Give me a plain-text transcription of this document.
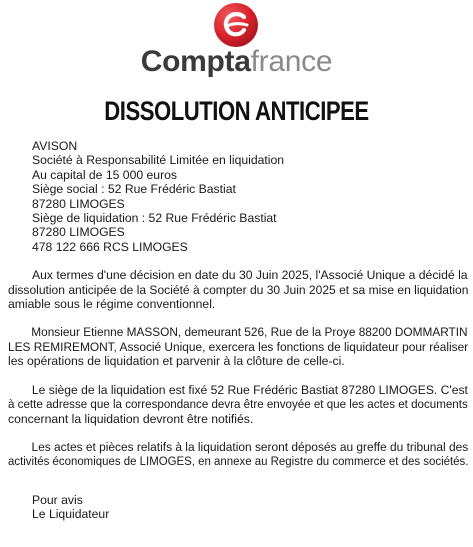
Comptafrance
DISSOLUTION ANTICIPEE
AVISON
Société à Responsabilité Limitée en liquidation
Au capital de 15 000 euros
Siège social : 52 Rue Frédéric Bastiat
87280 LIMOGES
Siège de liquidation : 52 Rue Frédéric Bastiat
87280 LIMOGES
478 122 666 RCS LIMOGES
Aux termes d'une décision en date du 30 Juin 2025, l'Associé Unique a décidé la
dissolution anticipée de la Société à compter du 30 Juin 2025 et sa mise en liquidation
amiable sous le régime conventionnel.
Monsieur Etienne MASSON, demeurant 526, Rue de la Proye 88200 DOMMARTIN
LES REMIREMONT, Associé Unique, exercera les fonctions de liquidateur pour réaliser
les opérations de liquidation et parvenir à la clôture de celle-ci.
Le siège de la liquidation est fixé 52 Rue Frédéric Bastiat 87280 LIMOGES. C'est
à cette adresse que la correspondance devra être envoyée et que les actes et documents
concernant la liquidation devront être notifiés.
Les actes et pièces relatifs à la liquidation seront déposés au greffe du tribunal des
activités économiques de LIMOGES, en annexe au Registre du commerce et des sociétés.
Pour avis
Le Liquidateur
